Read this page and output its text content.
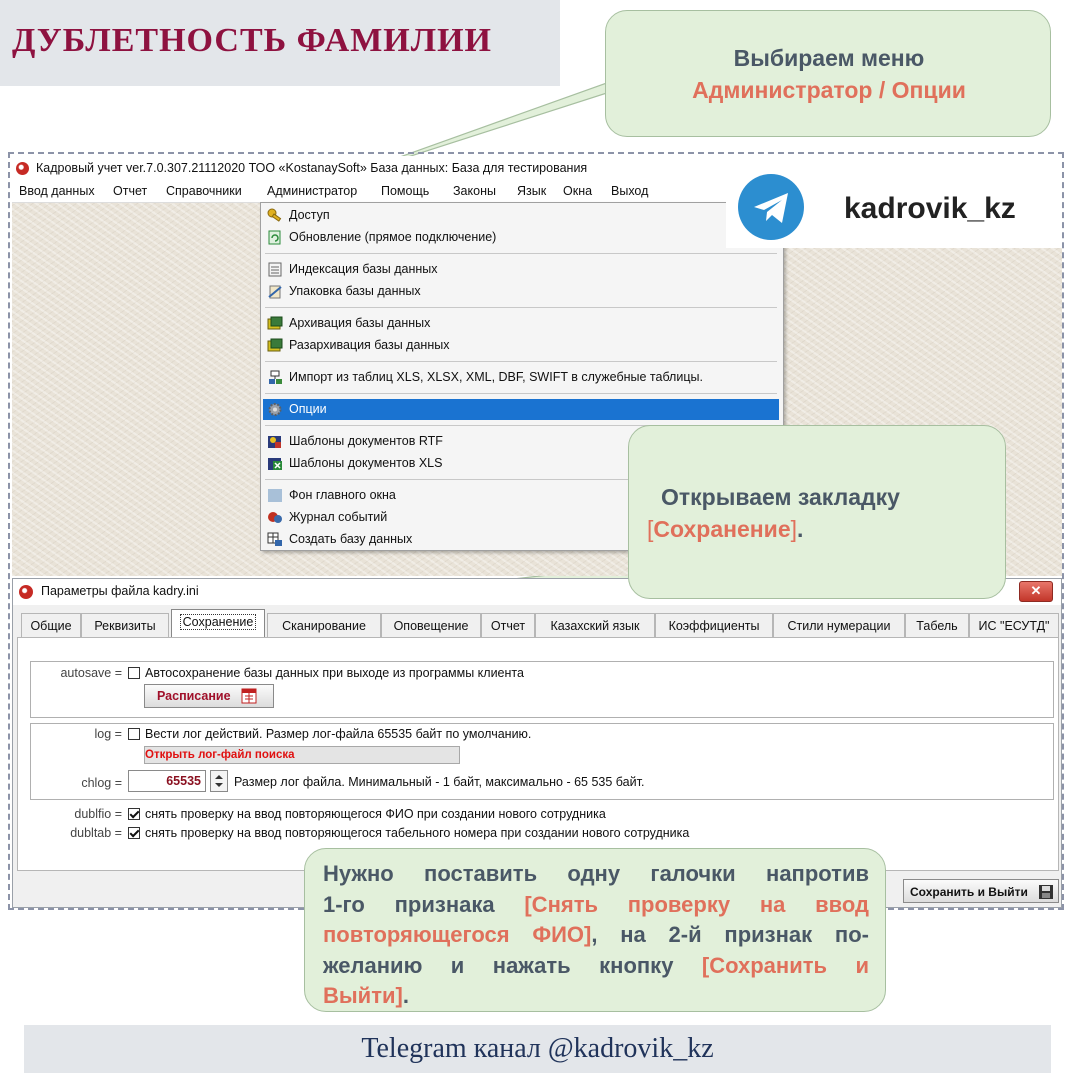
ДУБЛЕТНОСТЬ ФАМИЛИИ
Кадровый учет ver.7.0.307.21112020 ТОО «KostanaySoft» База данных: База для тестирования
Ввод данных Отчет Справочники Администратор Помощь Законы Язык Окна Выход
Доступ
Обновление (прямое подключение)
Индексация базы данных
Упаковка базы данных
Архивация базы данных
Разархивация базы данных
Импорт из таблиц XLS, XLSX, XML, DBF, SWIFT в служебные таблицы.
Опции
Шаблоны документов RTF
Шаблоны документов XLS
Фон главного окна
Журнал событий
Создать базу данных
kadrovik_kz
Параметры файла kadry.ini	✕
Общие	Реквизиты	Сохранение	Сканирование	Оповещение	Отчет	Казахский язык	Коэффициенты	Стили нумерации	Табель	ИС "ЕСУТД"
autosave = Автосохранение базы данных при выходе из программы клиента
Расписание
log = Вести лог действий. Размер лог-файла 65535 байт по умолчанию.
Открыть лог-файл поиска
chlog =	65535	Размер лог файла. Минимальный - 1 байт, максимально - 65 535 байт.
dublfio = снять проверку на ввод повторяющегося ФИО при создании нового сотрудника
dubltab = снять проверку на ввод повторяющегося табельного номера при создании нового сотрудника
Сохранить и Выйти
Выбираем меню
Администратор / Опции
Открываем закладку
[Сохранение].
Нужно поставить одну галочки напротив
1-го признака [Снять проверку на ввод
повторяющегося ФИО], на 2-й признак по-
желанию и нажать кнопку [Сохранить и
Выйти].
Telegram канал @kadrovik_kz
